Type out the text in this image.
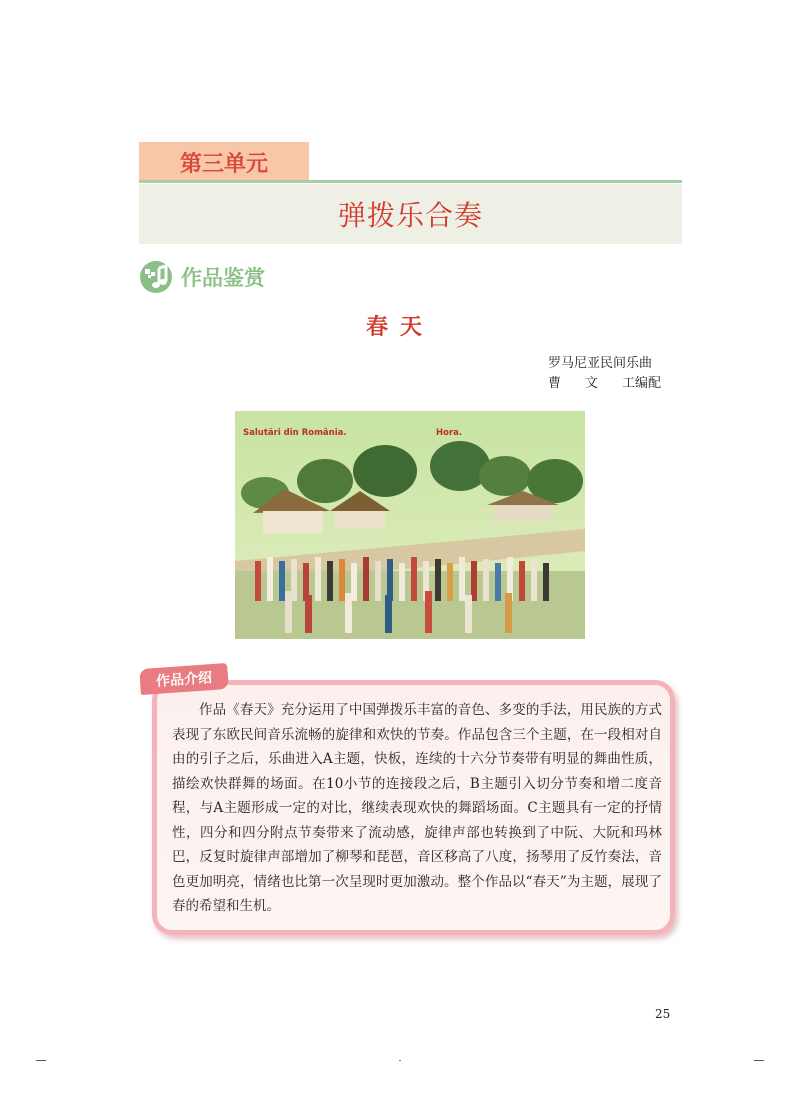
第三单元
弹拨乐合奏
作品鉴赏
春天
罗马尼亚民间乐曲
曹 文 工编配
Salutări din România.	Hora.
作品介绍

作品《春天》充分运用了中国弹拨乐丰富的音色、多变的手法，用民族的方式表现了东欧民间音乐流畅的旋律和欢快的节奏。作品包含三个主题，在一段相对自由的引子之后，乐曲进入A主题，快板，连续的十六分节奏带有明显的舞曲性质，描绘欢快群舞的场面。在10小节的连接段之后，B主题引入切分节奏和增二度音程，与A主题形成一定的对比，继续表现欢快的舞蹈场面。C主题具有一定的抒情性，四分和四分附点节奏带来了流动感，旋律声部也转换到了中阮、大阮和玛林巴，反复时旋律声部增加了柳琴和琵琶，音区移高了八度，扬琴用了反竹奏法，音色更加明亮，情绪也比第一次呈现时更加激动。整个作品以“春天”为主题，展现了春的希望和生机。

25
